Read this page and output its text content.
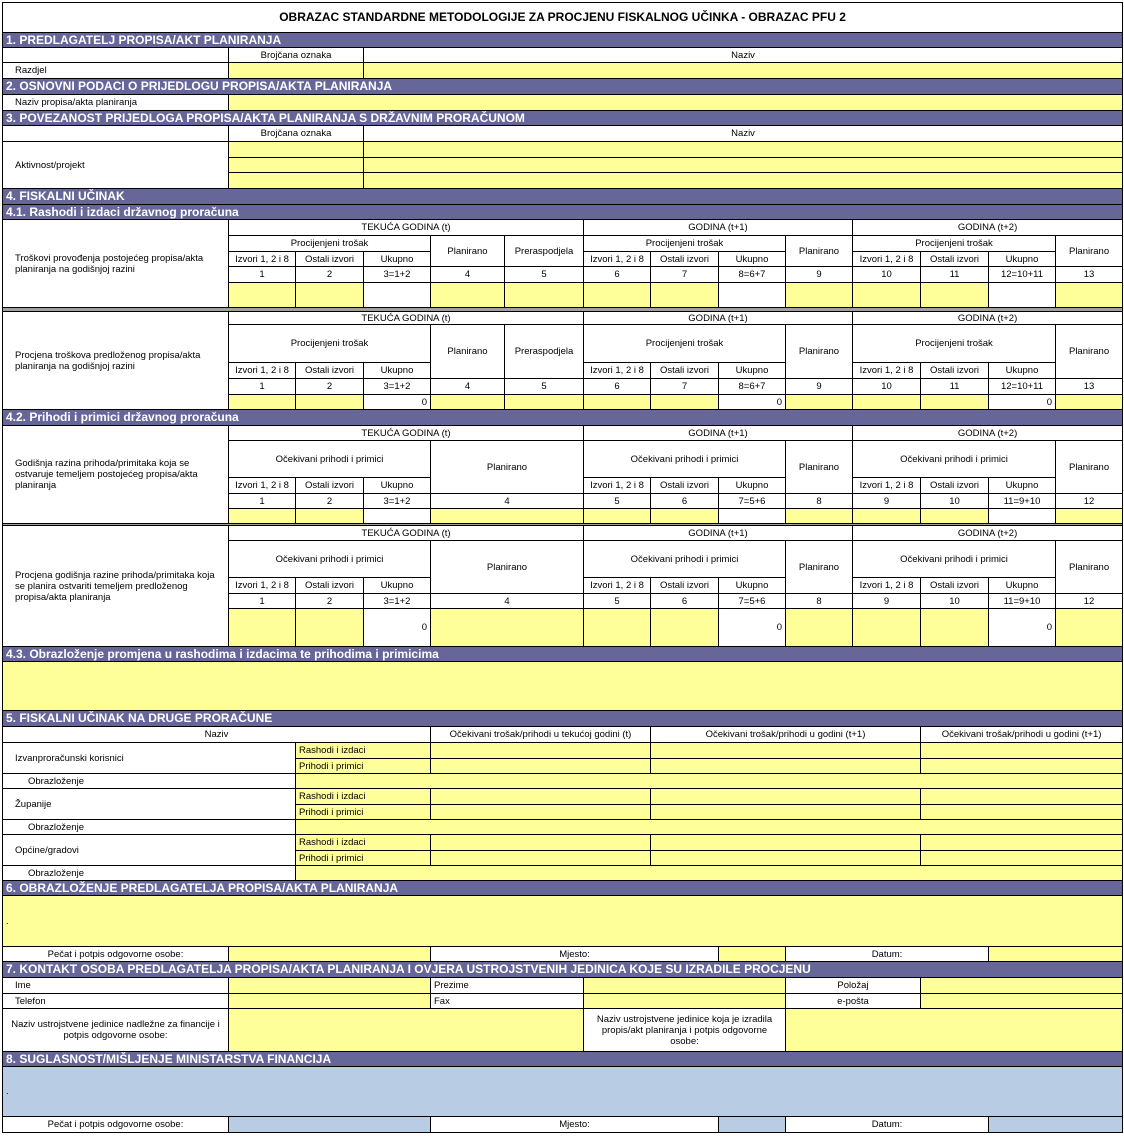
OBRAZAC STANDARDNE METODOLOGIJE ZA PROCJENU FISKALNOG UČINKA - OBRAZAC PFU 2													
1. PREDLAGATELJ PROPISA/AKT PLANIRANJA													
	Brojčana oznaka		Naziv										
Razdjel													
2. OSNOVNI PODACI O PRIJEDLOGU PROPISA/AKTA PLANIRANJA													
Naziv propisa/akta planiranja													
3. POVEZANOST PRIJEDLOGA PROPISA/AKTA PLANIRANJA S DRŽAVNIM PRORAČUNOM													
	Brojčana oznaka		Naziv										
Aktivnost/projekt													

4. FISKALNI UČINAK													
4.1. Rashodi i izdaci državnog proračuna													
Troškovi provođenja postojećeg propisa/akta planiranja na godišnjoj razini	TEKUĆA GODINA (t)					GODINA (t+1)				GODINA (t+2)			
	Procijenjeni trošak			Planirano	Preraspodjela	Procijenjeni trošak			Planirano	Procijenjeni trošak			Planirano
	Izvori 1, 2 i 8	Ostali izvori	Ukupno			Izvori 1, 2 i 8	Ostali izvori	Ukupno		Izvori 1, 2 i 8	Ostali izvori	Ukupno	
	1	2	3=1+2	4	5	6	7	8=6+7	9	10	11	12=10+11	13

Procjena troškova predloženog propisa/akta planiranja na godišnjoj razini	TEKUĆA GODINA (t)					GODINA (t+1)				GODINA (t+2)			
	Procijenjeni trošak			Planirano	Preraspodjela	Procijenjeni trošak			Planirano	Procijenjeni trošak			Planirano
	Izvori 1, 2 i 8	Ostali izvori	Ukupno			Izvori 1, 2 i 8	Ostali izvori	Ukupno		Izvori 1, 2 i 8	Ostali izvori	Ukupno	
	1	2	3=1+2	4	5	6	7	8=6+7	9	10	11	12=10+11	13
			0					0				0	
4.2. Prihodi i primici državnog proračuna													
Godišnja razina prihoda/primitaka koja se ostvaruje temeljem postojećeg propisa/akta planiranja	TEKUĆA GODINA (t)					GODINA (t+1)				GODINA (t+2)			
	Očekivani prihodi i primici			Planirano		Očekivani prihodi i primici			Planirano	Očekivani prihodi i primici			Planirano
	Izvori 1, 2 i 8	Ostali izvori	Ukupno			Izvori 1, 2 i 8	Ostali izvori	Ukupno		Izvori 1, 2 i 8	Ostali izvori	Ukupno	
	1	2	3=1+2	4		5	6	7=5+6	8	9	10	11=9+10	12

Procjena godišnja razine prihoda/primitaka koja se planira ostvariti temeljem predloženog propisa/akta planiranja	TEKUĆA GODINA (t)					GODINA (t+1)				GODINA (t+2)			
	Očekivani prihodi i primici			Planirano		Očekivani prihodi i primici			Planirano	Očekivani prihodi i primici			Planirano
	Izvori 1, 2 i 8	Ostali izvori	Ukupno			Izvori 1, 2 i 8	Ostali izvori	Ukupno		Izvori 1, 2 i 8	Ostali izvori	Ukupno	
	1	2	3=1+2	4		5	6	7=5+6	8	9	10	11=9+10	12
			0					0				0	
4.3. Obrazloženje promjena u rashodima i izdacima te prihodima i primicima													

5. FISKALNI UČINAK NA DRUGE PRORAČUNE													
Naziv				Očekivani trošak/prihodi u tekućoj godini (t)			Očekivani trošak/prihodi u godini (t+1)				Očekivani trošak/prihodi u godini (t+1)		
Izvanproračunski korisnici		Rashodi i izdaci											
		Prihodi i primici											
Obrazloženje													
Županije		Rashodi i izdaci											
		Prihodi i primici											
Obrazloženje													
Općine/gradovi		Rashodi i izdaci											
		Prihodi i primici											
Obrazloženje													
6. OBRAZLOŽENJE PREDLAGATELJA PROPISA/AKTA PLANIRANJA													
.													
Pečat i potpis odgovorne osobe:				Mjesto:					Datum:				
7. KONTAKT OSOBA PREDLAGATELJA PROPISA/AKTA PLANIRANJA I OVJERA USTROJSTVENIH JEDINICA KOJE SU IZRADILE PROCJENU													
Ime				Prezime					Položaj				
Telefon				Fax					e-pošta				
Naziv ustrojstvene jedinice nadležne za financije i potpis odgovorne osobe:						Naziv ustrojstvene jedinice koja je izradila propis/akt planiranja i potpis odgovorne osobe:							
8. SUGLASNOST/MIŠLJENJE MINISTARSTVA FINANCIJA													
.													
Pečat i potpis odgovorne osobe:				Mjesto:					Datum:				
